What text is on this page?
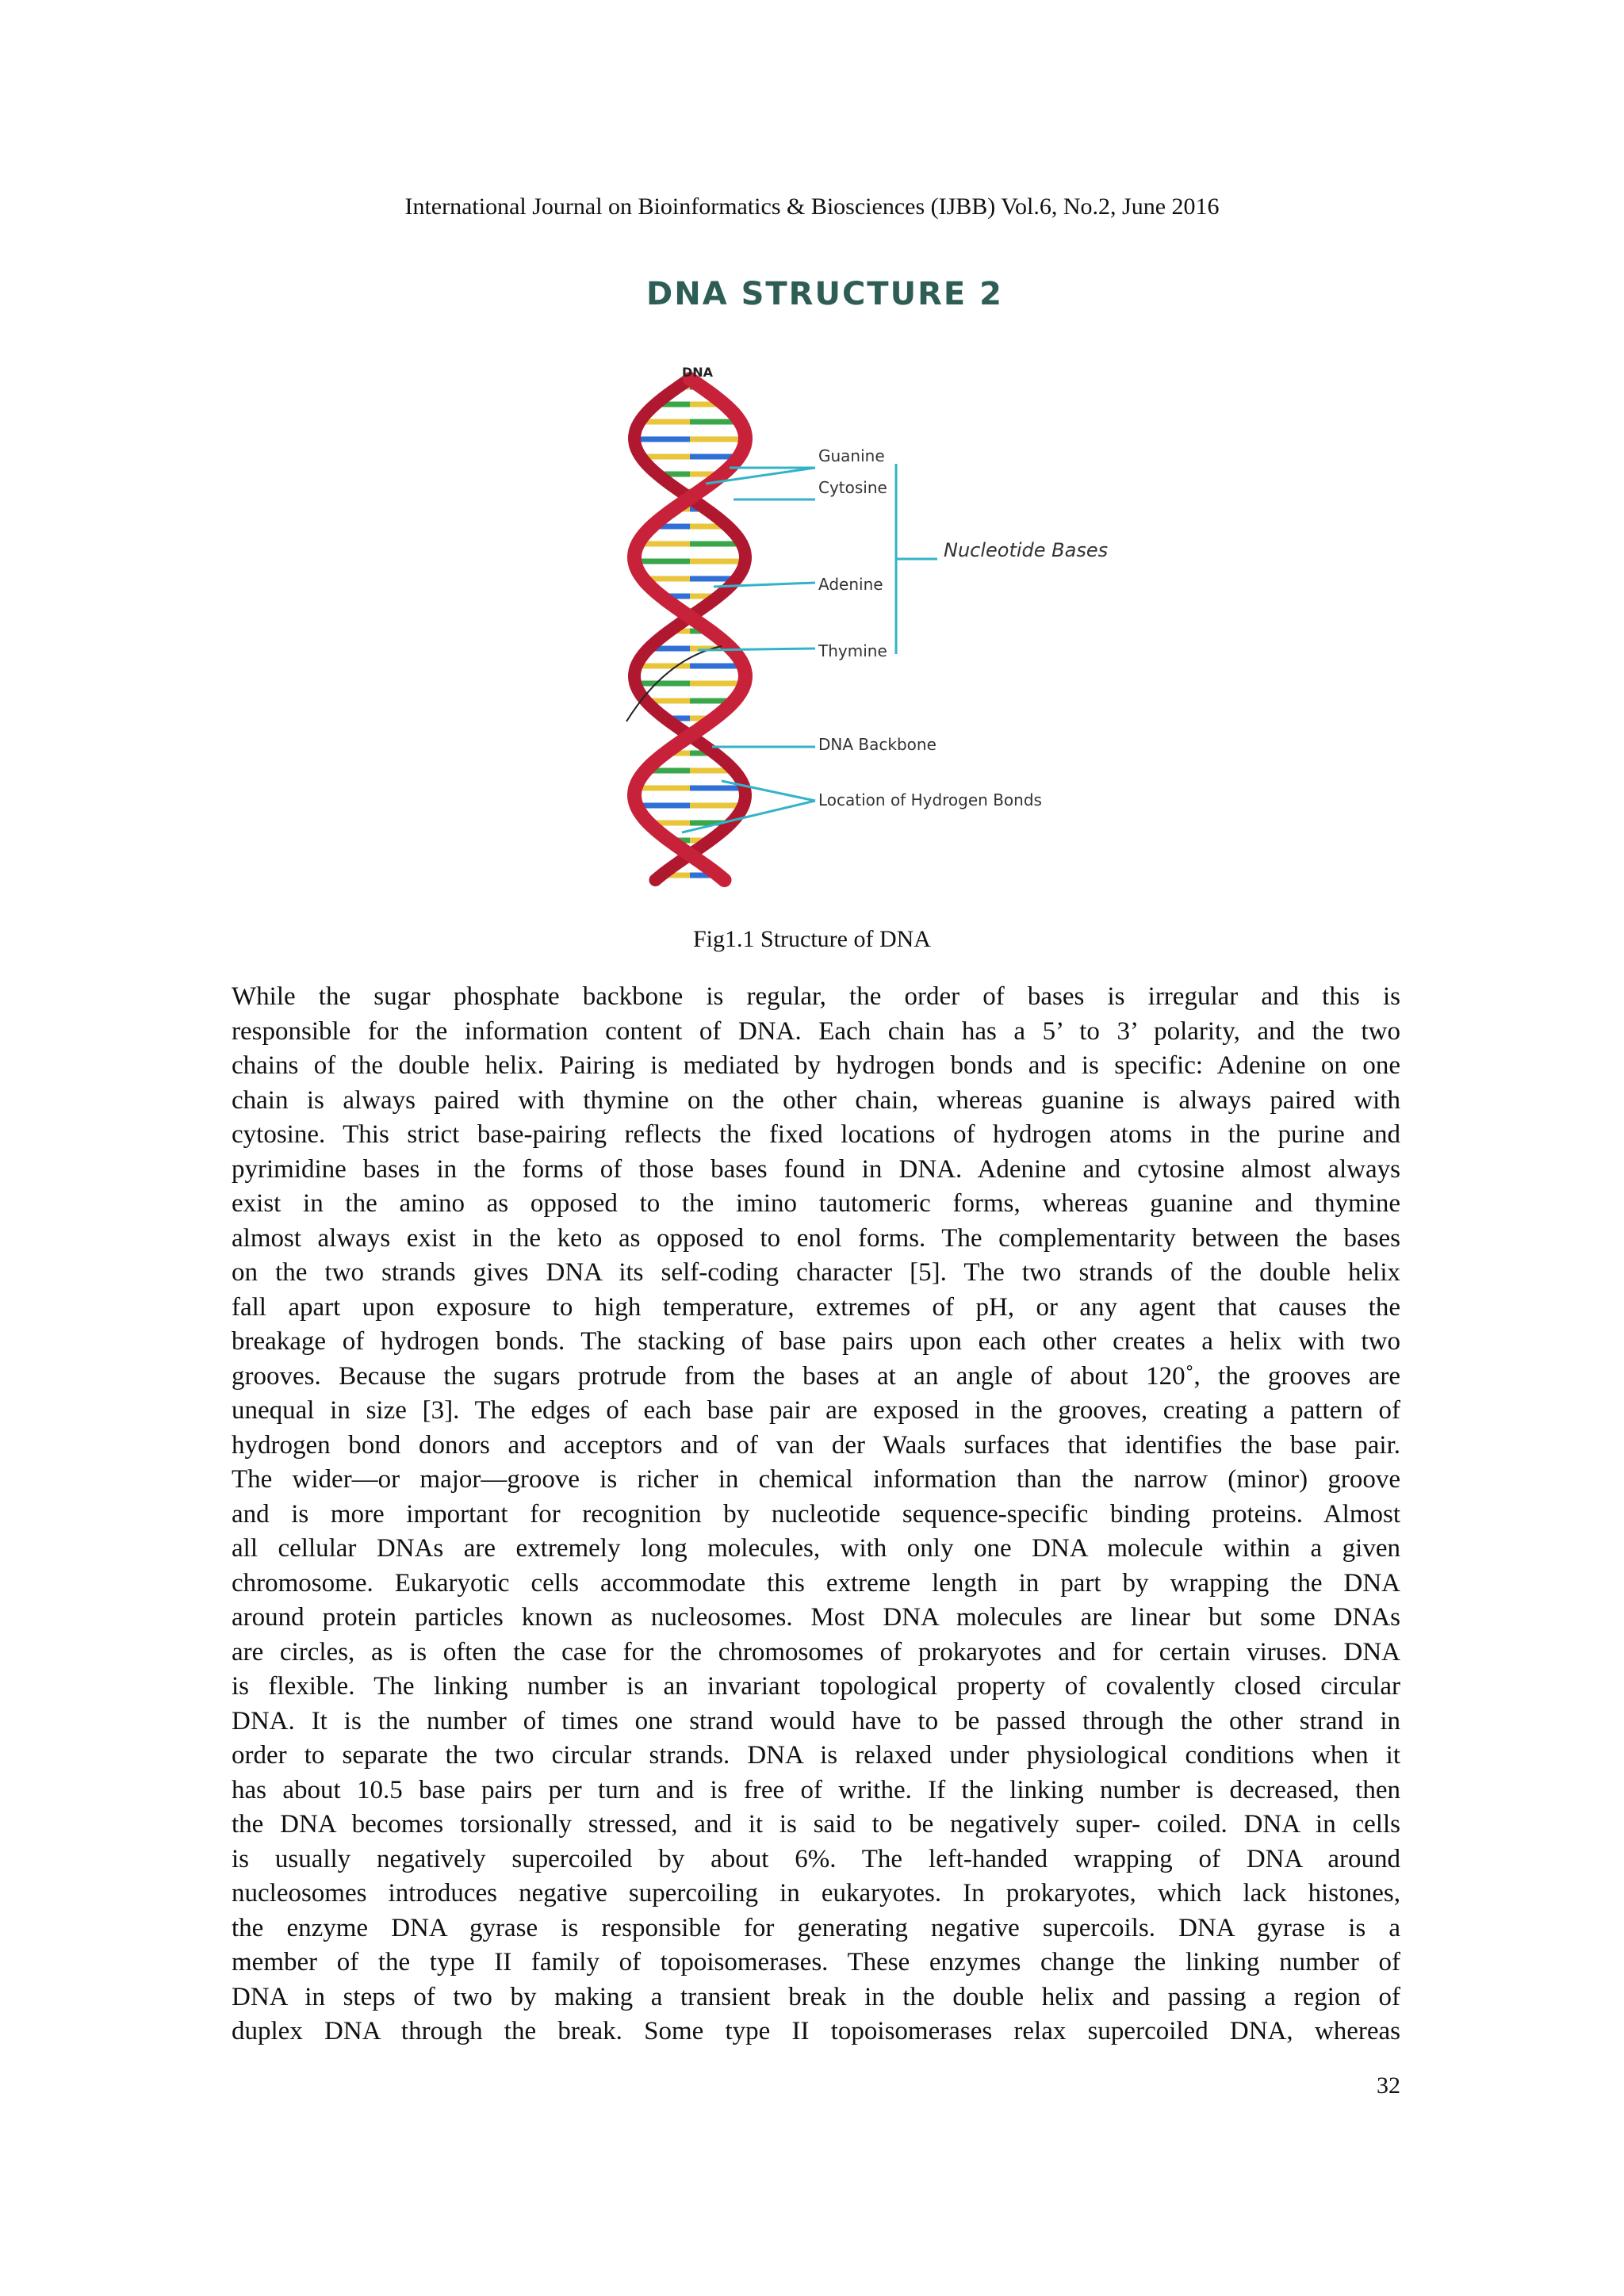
International Journal on Bioinformatics & Biosciences (IJBB) Vol.6, No.2, June 2016
DNA STRUCTURE 2
DNA
Guanine
Cytosine
Adenine
Thymine
Nucleotide Bases
DNA Backbone
Location of Hydrogen Bonds
Fig1.1 Structure of DNA
While the sugar phosphate backbone is regular, the order of bases is irregular and this is
responsible for the information content of DNA. Each chain has a 5’ to 3’ polarity, and the two
chains of the double helix. Pairing is mediated by hydrogen bonds and is specific: Adenine on one
chain is always paired with thymine on the other chain, whereas guanine is always paired with
cytosine. This strict base-pairing reflects the fixed locations of hydrogen atoms in the purine and
pyrimidine bases in the forms of those bases found in DNA. Adenine and cytosine almost always
exist in the amino as opposed to the imino tautomeric forms, whereas guanine and thymine
almost always exist in the keto as opposed to enol forms. The complementarity between the bases
on the two strands gives DNA its self-coding character [5]. The two strands of the double helix
fall apart upon exposure to high temperature, extremes of pH, or any agent that causes the
breakage of hydrogen bonds. The stacking of base pairs upon each other creates a helix with two
grooves. Because the sugars protrude from the bases at an angle of about 120˚, the grooves are
unequal in size [3]. The edges of each base pair are exposed in the grooves, creating a pattern of
hydrogen bond donors and acceptors and of van der Waals surfaces that identifies the base pair.
The wider—or major—groove is richer in chemical information than the narrow (minor) groove
and is more important for recognition by nucleotide sequence-specific binding proteins. Almost
all cellular DNAs are extremely long molecules, with only one DNA molecule within a given
chromosome. Eukaryotic cells accommodate this extreme length in part by wrapping the DNA
around protein particles known as nucleosomes. Most DNA molecules are linear but some DNAs
are circles, as is often the case for the chromosomes of prokaryotes and for certain viruses. DNA
is flexible. The linking number is an invariant topological property of covalently closed circular
DNA. It is the number of times one strand would have to be passed through the other strand in
order to separate the two circular strands. DNA is relaxed under physiological conditions when it
has about 10.5 base pairs per turn and is free of writhe. If the linking number is decreased, then
the DNA becomes torsionally stressed, and it is said to be negatively super- coiled. DNA in cells
is usually negatively supercoiled by about 6%. The left-handed wrapping of DNA around
nucleosomes introduces negative supercoiling in eukaryotes. In prokaryotes, which lack histones,
the enzyme DNA gyrase is responsible for generating negative supercoils. DNA gyrase is a
member of the type II family of topoisomerases. These enzymes change the linking number of
DNA in steps of two by making a transient break in the double helix and passing a region of
duplex DNA through the break. Some type II topoisomerases relax supercoiled DNA, whereas
32
